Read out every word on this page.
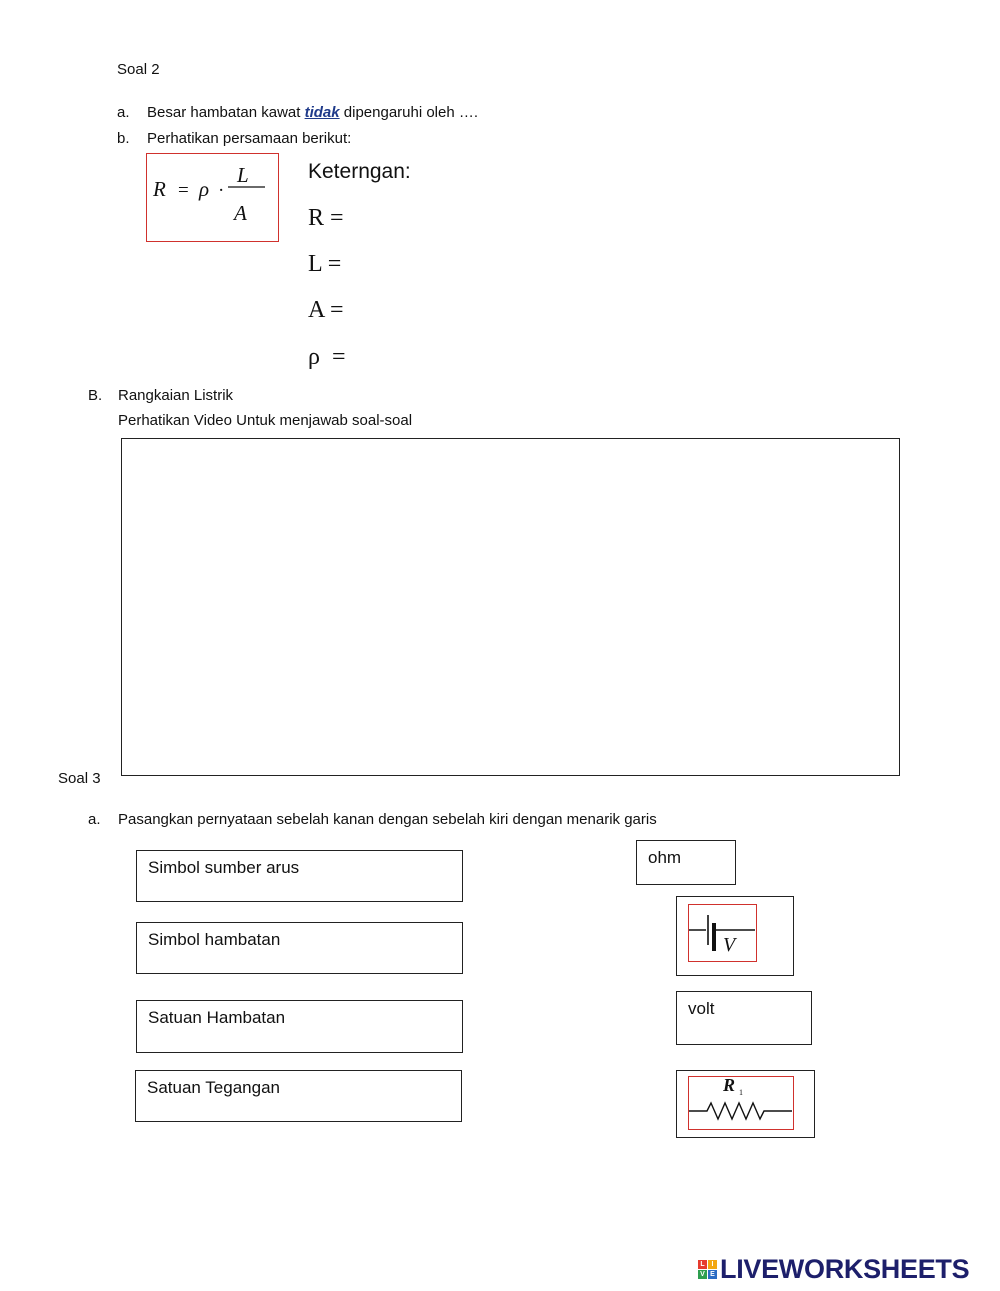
Soal 2
a. Besar hambatan kawat tidak dipengaruhi oleh ….
b. Perhatikan persamaan berikut:
R = ρ ·
L
A
Keterngan:
R =
L =
A =
ρ  =
B. Rangkaian Listrik
Perhatikan Video Untuk menjawab soal-soal
Soal 3
a. Pasangkan pernyataan sebelah kanan dengan sebelah kiri dengan menarik garis
Simbol sumber arus
Simbol hambatan
Satuan Hambatan
Satuan Tegangan
ohm
V
volt
R 1
L I
V E LIVEWORKSHEETS
